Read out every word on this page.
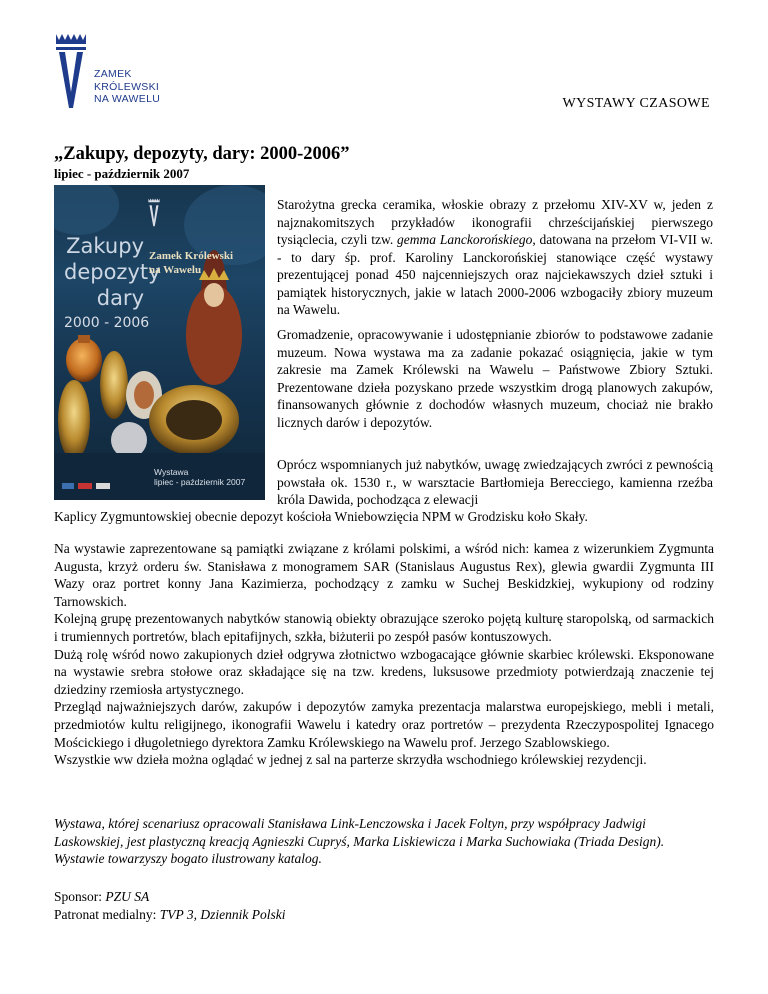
ZAMEK
KRÓLEWSKI
NA WAWELU	WYSTAWY CZASOWE
„Zakupy, depozyty, dary: 2000-2006”
lipiec - październik 2007
Zakupy
depozyty
dary
2000 - 2006
Zamek Królewski
na Wawelu
Wystawa
lipiec - październik 2007

Starożytna grecka ceramika, włoskie obrazy z przełomu XIV-XV w, jeden z najznakomitszych przykładów ikonografii chrześcijańskiej pierwszego tysiąclecia, czyli tzw. gemma Lanckorońskiego, datowana na przełom VI-VII w. - to dary śp. prof. Karoliny Lanckorońskiej stanowiące część wystawy prezentującej ponad 450 najcenniejszych oraz najciekawszych dzieł sztuki i pamiątek historycznych, jakie w latach 2000-2006 wzbogaciły zbiory muzeum na Wawelu.

Gromadzenie, opracowywanie i udostępnianie zbiorów to podstawowe zadanie muzeum. Nowa wystawa ma za zadanie pokazać osiągnięcia, jakie w tym zakresie ma Zamek Królewski na Wawelu – Państwowe Zbiory Sztuki. Prezentowane dzieła pozyskano przede wszystkim drogą planowych zakupów, finansowanych głównie z dochodów własnych muzeum, chociaż nie brakło licznych darów i depozytów.

Oprócz wspomnianych już nabytków, uwagę zwiedzających zwróci z pewnością powstała ok. 1530 r., w warsztacie Bartłomieja Berecciego, kamienna rzeźba króla Dawida, pochodząca z elewacji

Kaplicy Zygmuntowskiej obecnie depozyt kościoła Wniebowzięcia NPM w Grodzisku koło Skały.

Na wystawie zaprezentowane są pamiątki związane z królami polskimi, a wśród nich: kamea z wizerunkiem Zygmunta Augusta, krzyż orderu św. Stanisława z monogramem SAR (Stanislaus Augustus Rex), glewia gwardii Zygmunta III Wazy oraz portret konny Jana Kazimierza, pochodzący z zamku w Suchej Beskidzkiej, wykupiony od rodziny Tarnowskich.

Kolejną grupę prezentowanych nabytków stanowią obiekty obrazujące szeroko pojętą kulturę staropolską, od sarmackich i trumiennych portretów, blach epitafijnych, szkła, biżuterii po zespół pasów kontuszowych.

Dużą rolę wśród nowo zakupionych dzieł odgrywa złotnictwo wzbogacające głównie skarbiec królewski. Eksponowane na wystawie srebra stołowe oraz składające się na tzw. kredens, luksusowe przedmioty potwierdzają znaczenie tej dziedziny rzemiosła artystycznego.

Przegląd najważniejszych darów, zakupów i depozytów zamyka prezentacja malarstwa europejskiego, mebli i metali, przedmiotów kultu religijnego, ikonografii Wawelu i katedry oraz portretów – prezydenta Rzeczypospolitej Ignacego Mościckiego i długoletniego dyrektora Zamku Królewskiego na Wawelu prof. Jerzego Szablowskiego.

Wszystkie ww dzieła można oglądać w jednej z sal na parterze skrzydła wschodniego królewskiej rezydencji.

Wystawa, której scenariusz opracowali Stanisława Link-Lenczowska i Jacek Foltyn, przy współpracy Jadwigi Laskowskiej, jest plastyczną kreacją Agnieszki Cupryś, Marka Liskiewicza i Marka Suchowiaka (Triada Design).

Wystawie towarzyszy bogato ilustrowany katalog.

Sponsor: PZU SA

Patronat medialny: TVP 3, Dziennik Polski
